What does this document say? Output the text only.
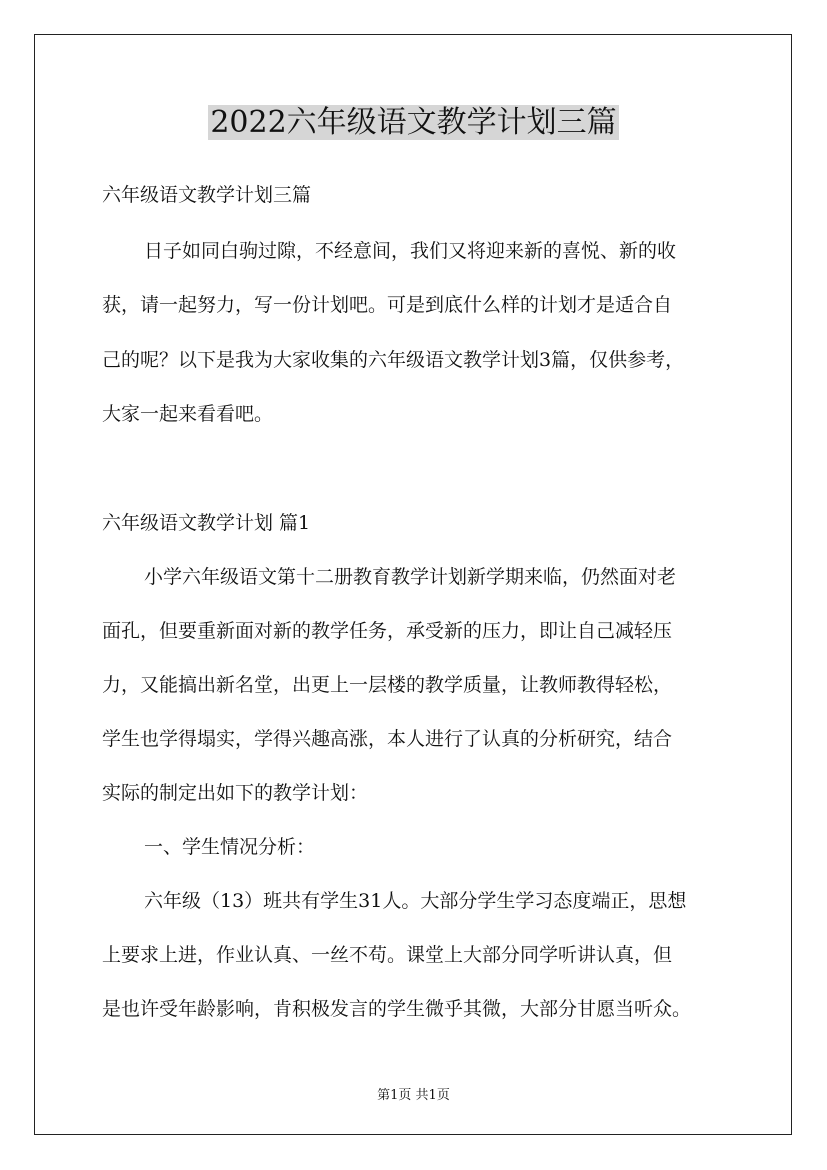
2022六年级语文教学计划三篇
六年级语文教学计划三篇
日子如同白驹过隙，不经意间，我们又将迎来新的喜悦、新的收
获，请一起努力，写一份计划吧。可是到底什么样的计划才是适合自
己的呢？以下是我为大家收集的六年级语文教学计划3篇，仅供参考，
大家一起来看看吧。
六年级语文教学计划 篇1
小学六年级语文第十二册教育教学计划新学期来临，仍然面对老
面孔，但要重新面对新的教学任务，承受新的压力，即让自己减轻压
力，又能搞出新名堂，出更上一层楼的教学质量，让教师教得轻松，
学生也学得塌实，学得兴趣高涨，本人进行了认真的分析研究，结合
实际的制定出如下的教学计划：
一、学生情况分析：
六年级（13）班共有学生31人。大部分学生学习态度端正，思想
上要求上进，作业认真、一丝不苟。课堂上大部分同学听讲认真，但
是也许受年龄影响，肯积极发言的学生微乎其微，大部分甘愿当听众。
第1页 共1页
